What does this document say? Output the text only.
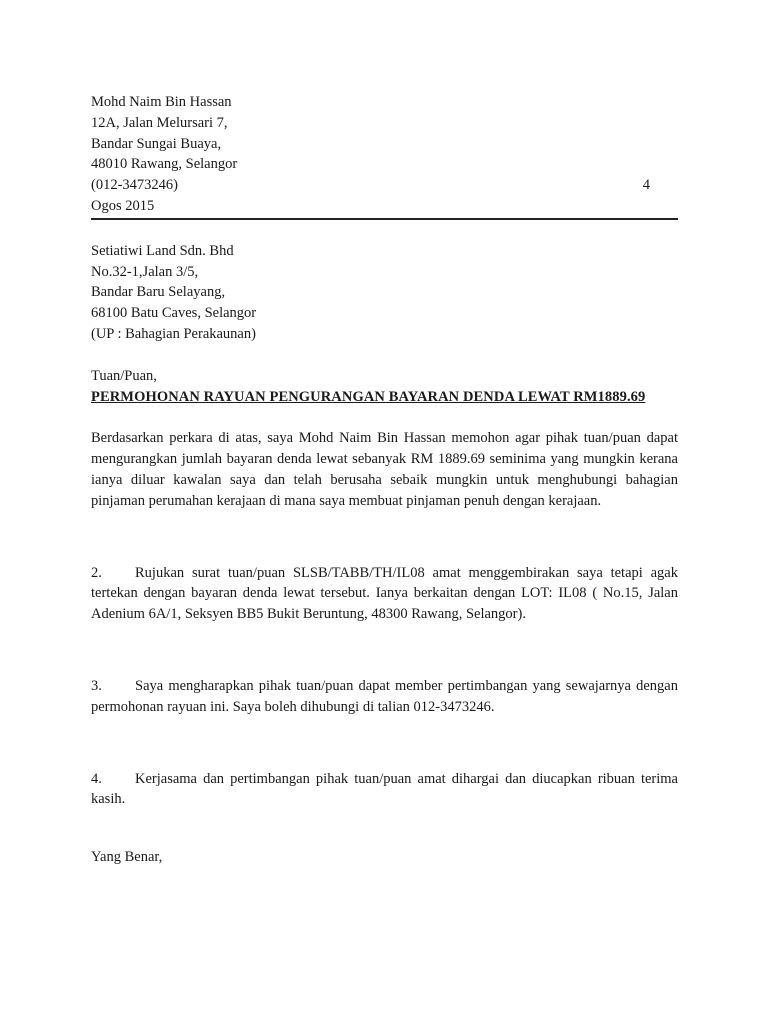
Mohd Naim Bin Hassan
12A, Jalan Melursari 7,
Bandar Sungai Buaya,
48010 Rawang, Selangor
(012-3473246)
Ogos 2015
4
Setiatiwi Land Sdn. Bhd
No.32-1,Jalan 3/5,
Bandar Baru Selayang,
68100 Batu Caves, Selangor
(UP : Bahagian Perakaunan)
Tuan/Puan,
PERMOHONAN RAYUAN PENGURANGAN BAYARAN DENDA LEWAT RM1889.69

Berdasarkan perkara di atas, saya Mohd Naim Bin Hassan memohon agar pihak tuan/puan dapat mengurangkan jumlah bayaran denda lewat sebanyak RM 1889.69 seminima yang mungkin kerana ianya diluar kawalan saya dan telah berusaha sebaik mungkin untuk menghubungi bahagian pinjaman perumahan kerajaan di mana saya membuat pinjaman penuh dengan kerajaan.

2. Rujukan surat tuan/puan SLSB/TABB/TH/IL08 amat menggembirakan saya tetapi agak tertekan dengan bayaran denda lewat tersebut. Ianya berkaitan dengan LOT: IL08 ( No.15, Jalan Adenium 6A/1, Seksyen BB5 Bukit Beruntung, 48300 Rawang, Selangor).

3. Saya mengharapkan pihak tuan/puan dapat member pertimbangan yang sewajarnya dengan permohonan rayuan ini. Saya boleh dihubungi di talian 012-3473246.

4. Kerjasama dan pertimbangan pihak tuan/puan amat dihargai dan diucapkan ribuan terima kasih.

Yang Benar,
